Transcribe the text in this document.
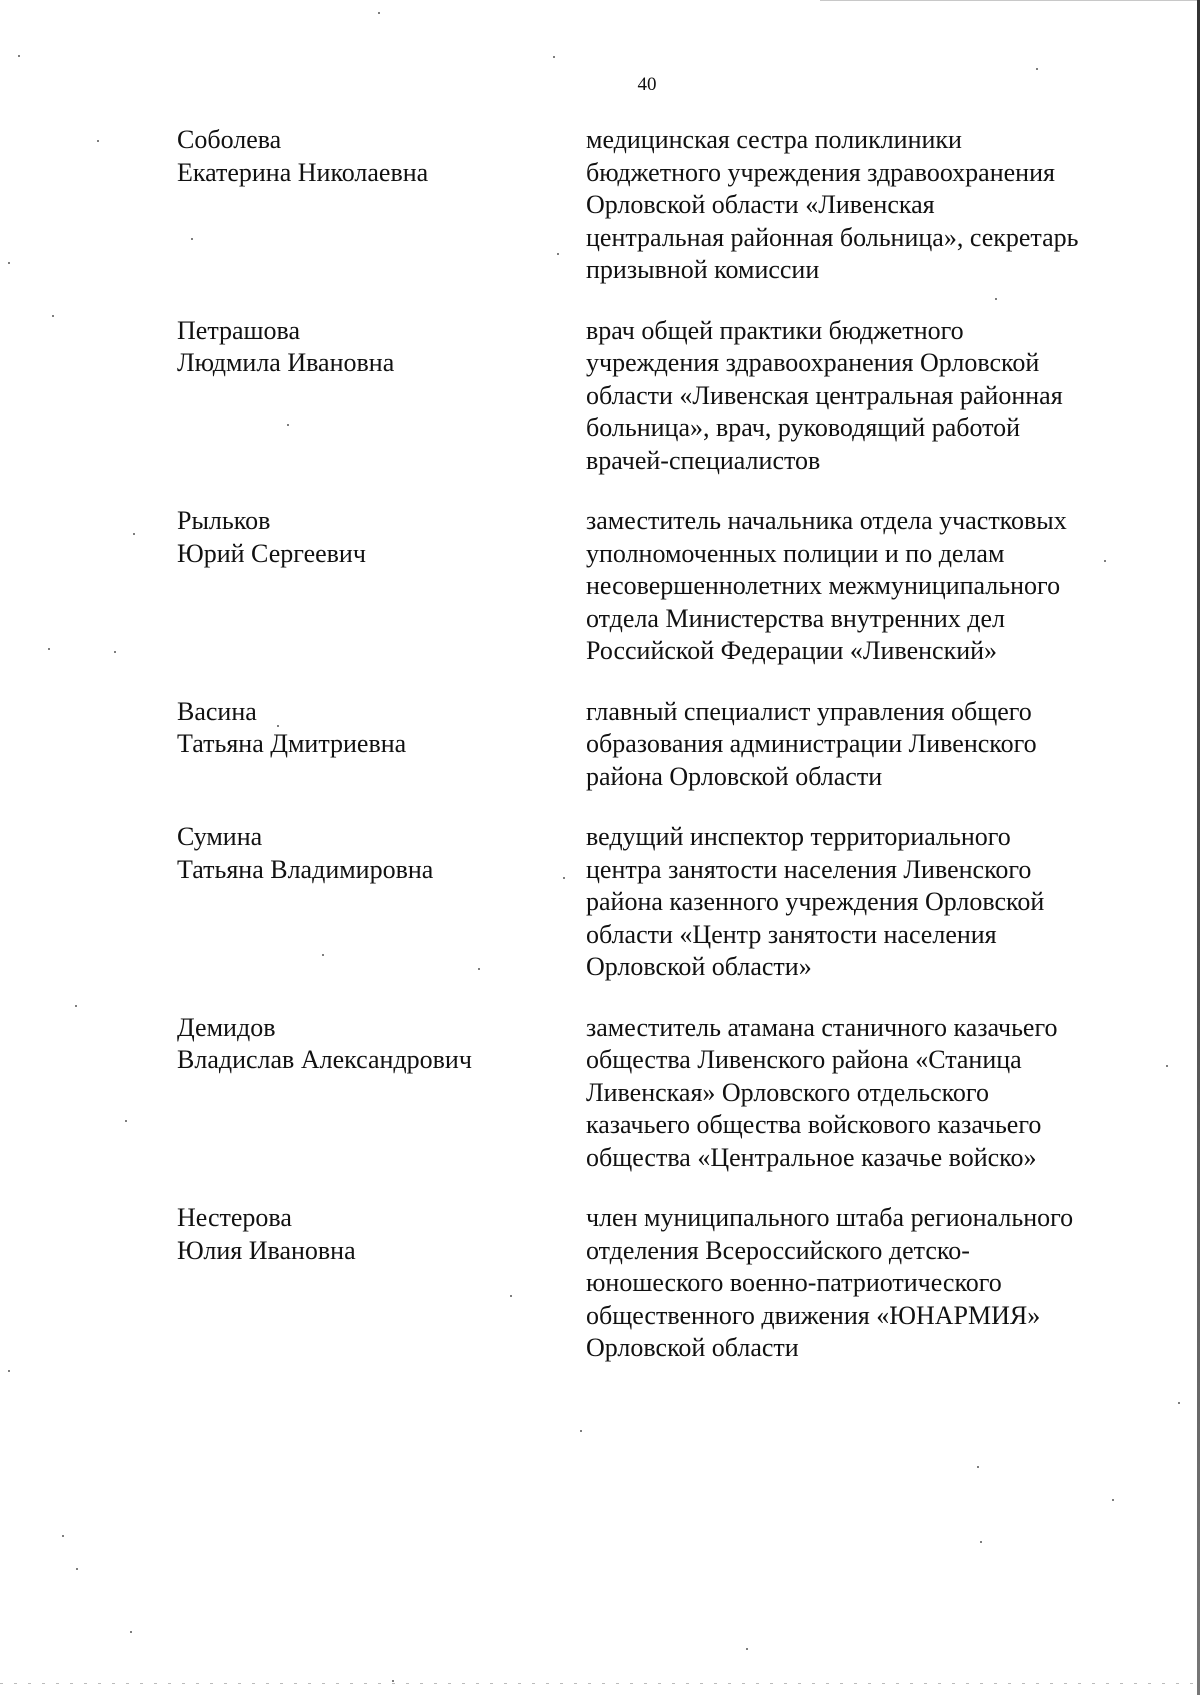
40
Соболева
Екатерина Николаевна
медицинская сестра поликлиники
бюджетного учреждения здравоохранения
Орловской области «Ливенская
центральная районная больница», секретарь
призывной комиссии
Петрашова
Людмила Ивановна
врач общей практики бюджетного
учреждения здравоохранения Орловской
области «Ливенская центральная районная
больница», врач, руководящий работой
врачей-специалистов
Рыльков
Юрий Сергеевич
заместитель начальника отдела участковых
уполномоченных полиции и по делам
несовершеннолетних межмуниципального
отдела Министерства внутренних дел
Российской Федерации «Ливенский»
Васина
Татьяна Дмитриевна
главный специалист управления общего
образования администрации Ливенского
района Орловской области
Сумина
Татьяна Владимировна
ведущий инспектор территориального
центра занятости населения Ливенского
района казенного учреждения Орловской
области «Центр занятости населения
Орловской области»
Демидов
Владислав Александрович
заместитель атамана станичного казачьего
общества Ливенского района «Станица
Ливенская» Орловского отдельского
казачьего общества войскового казачьего
общества «Центральное казачье войско»
Нестерова
Юлия Ивановна
член муниципального штаба регионального
отделения Всероссийского детско-
юношеского военно-патриотического
общественного движения «ЮНАРМИЯ»
Орловской области
